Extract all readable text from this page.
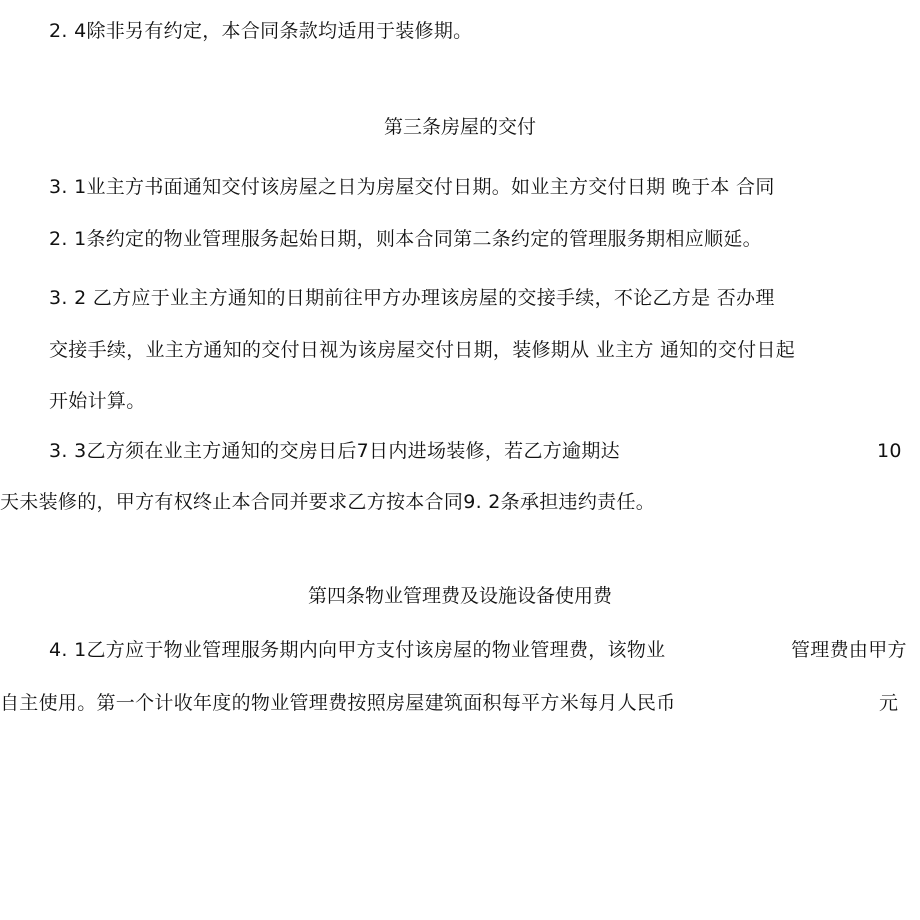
2. 4除非另有约定，本合同条款均适用于装修期。
第三条房屋的交付
3. 1业主方书面通知交付该房屋之日为房屋交付日期。如业主方交付日期 晚于本 合同
2. 1条约定的物业管理服务起始日期，则本合同第二条约定的管理服务期相应顺延。
3. 2 乙方应于业主方通知的日期前往甲方办理该房屋的交接手续，不论乙方是 否办理
交接手续，业主方通知的交付日视为该房屋交付日期，装修期从 业主方 通知的交付日起
开始计算。
3. 3乙方须在业主方通知的交房日后7日内进场装修，若乙方逾期达	10
天未装修的，甲方有权终止本合同并要求乙方按本合同9. 2条承担违约责任。
第四条物业管理费及设施设备使用费
4. 1乙方应于物业管理服务期内向甲方支付该房屋的物业管理费，该物业	管理费由甲方
自主使用。第一个计收年度的物业管理费按照房屋建筑面积每平方米每月人民币	元
